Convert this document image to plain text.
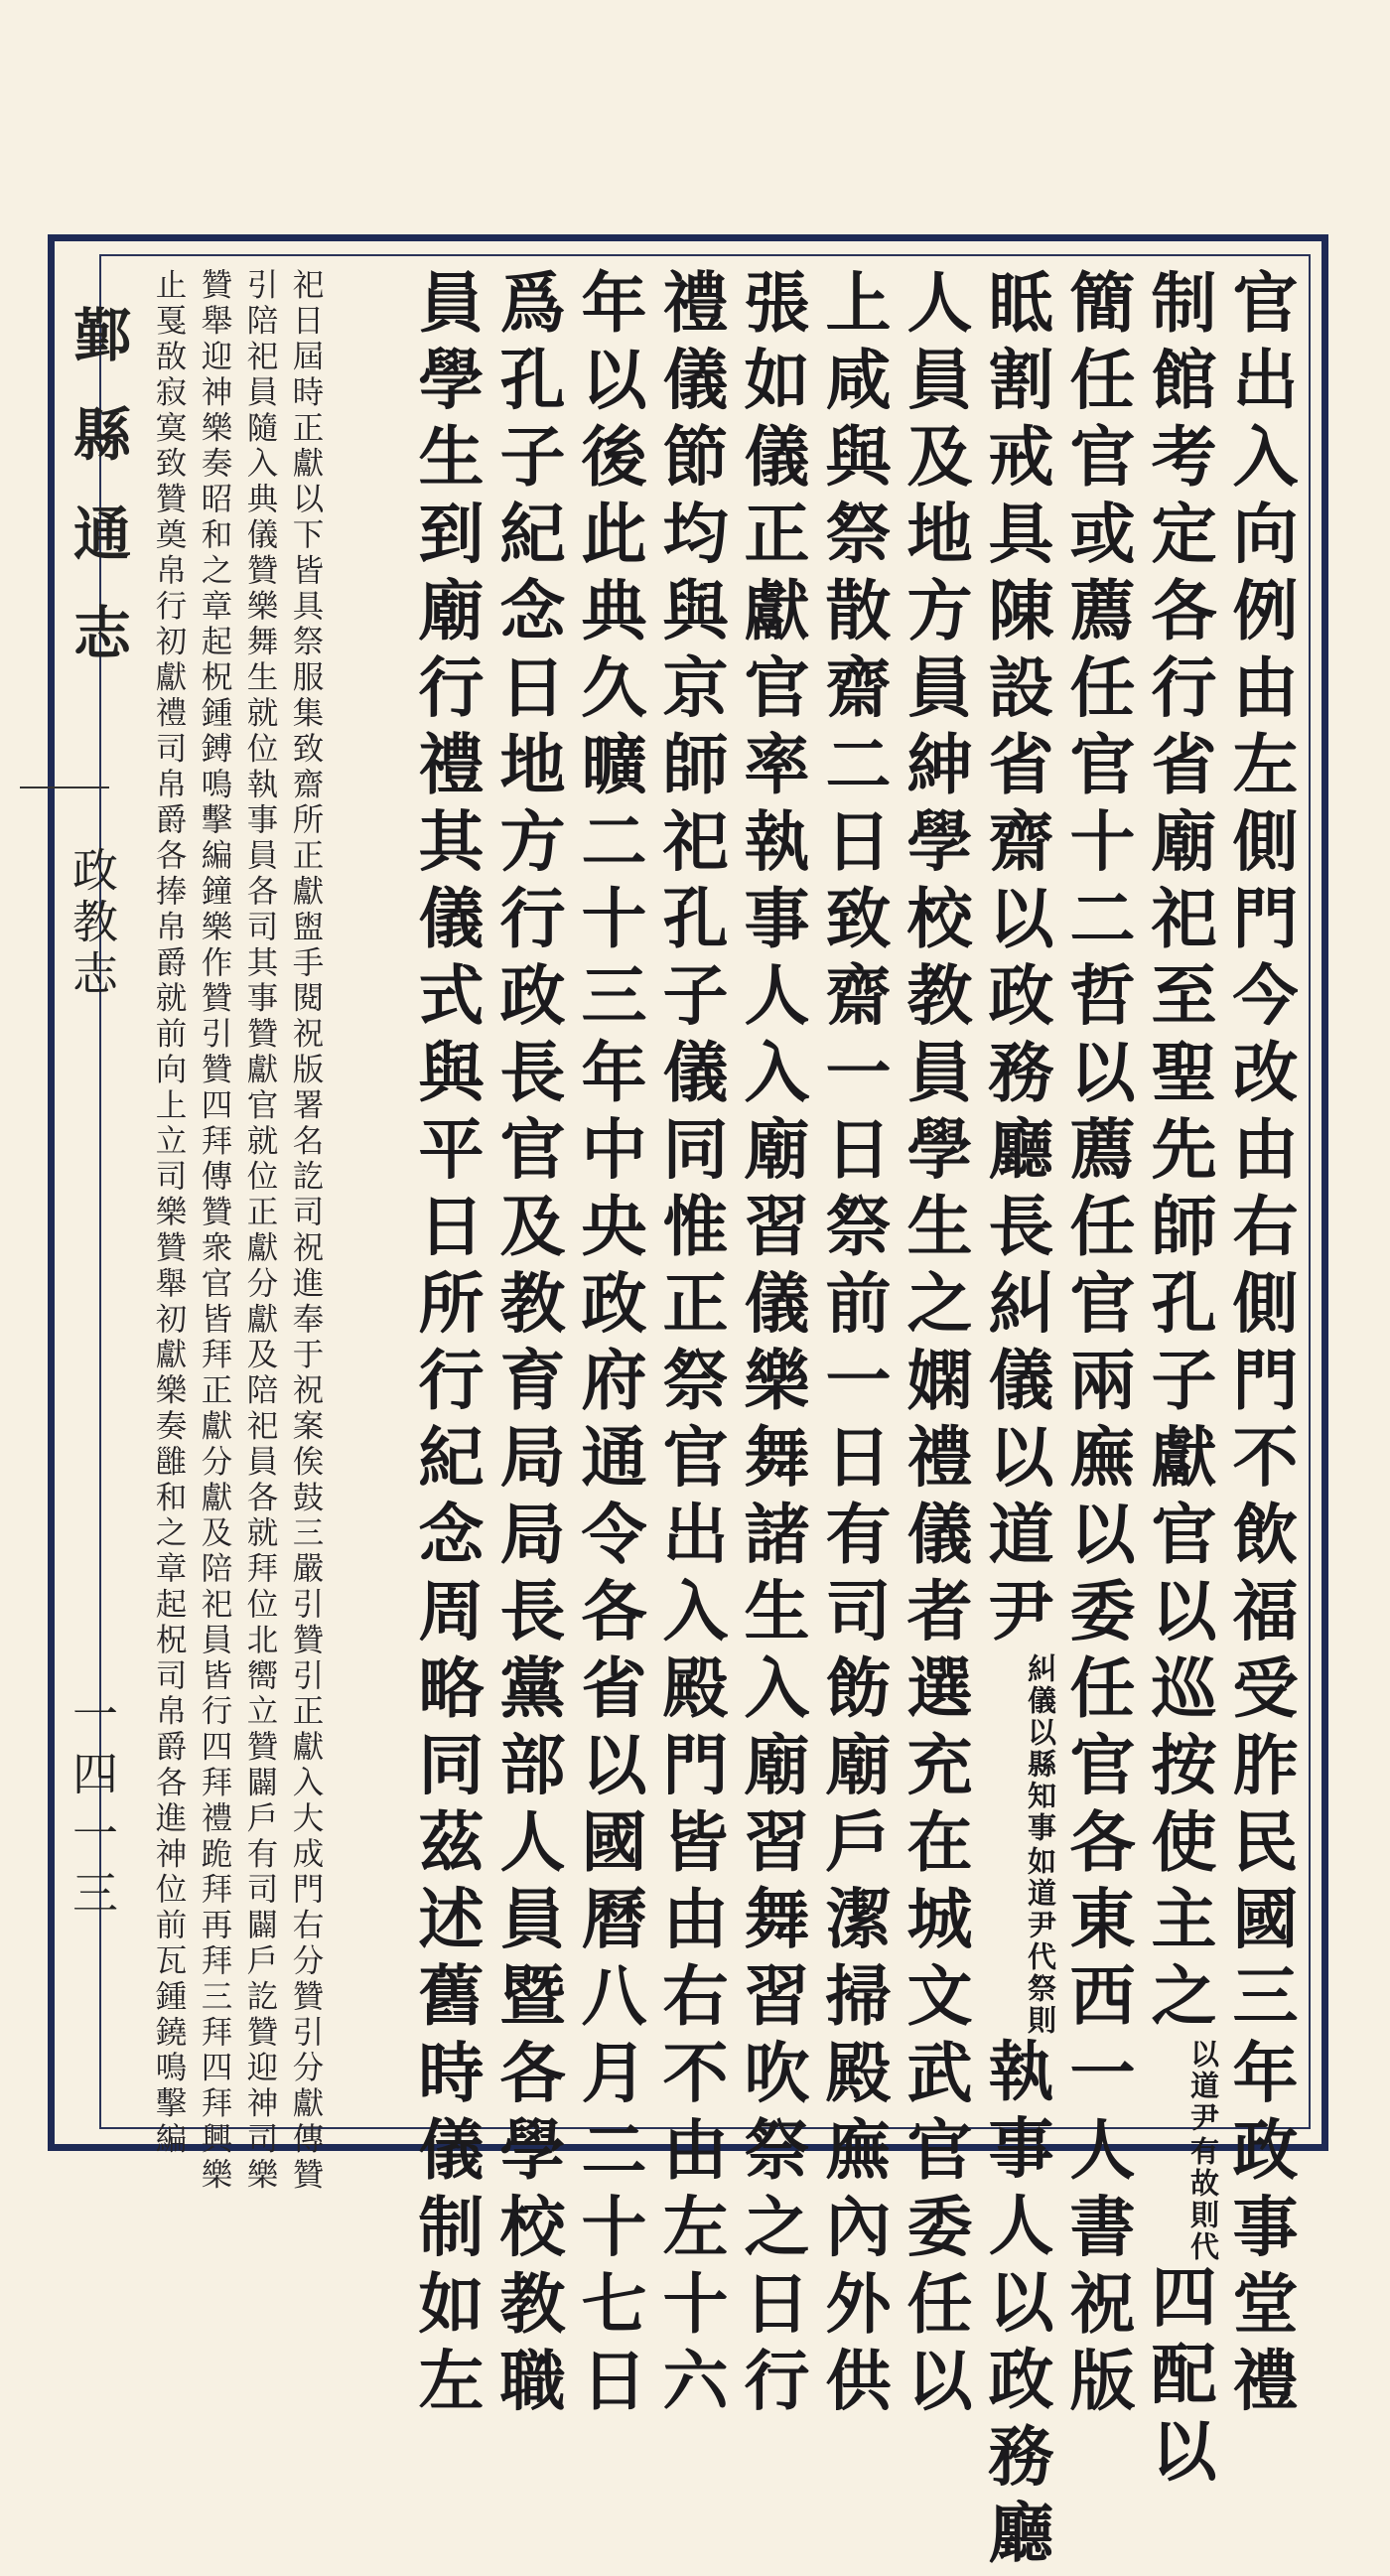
鄞縣通志
政教志
一四一三	官出入向例由左側門今改由右側門不飲福受胙民國三年政事堂禮
制館考定各行省廟祀至聖先師孔子獻官以巡按使主之
有故則代
以道尹
四配以
簡任官或薦任官十二哲以薦任官兩廡以委任官各東西一人書祝版
眡割戒具陳設省齋以政務廳長糾儀以道尹
如道尹代祭則
糾儀以縣知事
執事人以政務廳
人員及地方員紳學校教員學生之嫻禮儀者選充在城文武官委任以
上咸與祭散齋二日致齋一日祭前一日有司飭廟戶潔掃殿廡內外供
張如儀正獻官率執事人入廟習儀樂舞諸生入廟習舞習吹祭之日行
禮儀節均與京師祀孔子儀同惟正祭官出入殿門皆由右不由左十六
年以後此典久曠二十三年中央政府通令各省以國曆八月二十七日
爲孔子紀念日地方行政長官及教育局局長黨部人員暨各學校教職
員學生到廟行禮其儀式與平日所行紀念周略同茲述舊時儀制如左
祀日屆時正獻以下皆具祭服集致齋所正獻盥手閱祝版署名訖司祝進奉于祝案俟鼓三嚴引贊引正獻入大成門右分贊引分獻傳贊
引陪祀員隨入典儀贊樂舞生就位執事員各司其事贊獻官就位正獻分獻及陪祀員各就拜位北嚮立贊闢戶有司闢戶訖贊迎神司樂
贊舉迎神樂奏昭和之章起柷鍾鎛鳴擊編鐘樂作贊引贊四拜傳贊衆官皆拜正獻分獻及陪祀員皆行四拜禮跪拜再拜三拜四拜興樂
止戛敔寂寞致贊奠帛行初獻禮司帛爵各捧帛爵就前向上立司樂贊舉初獻樂奏雝和之章起柷司帛爵各進神位前瓦鍾鐃鳴擊編
